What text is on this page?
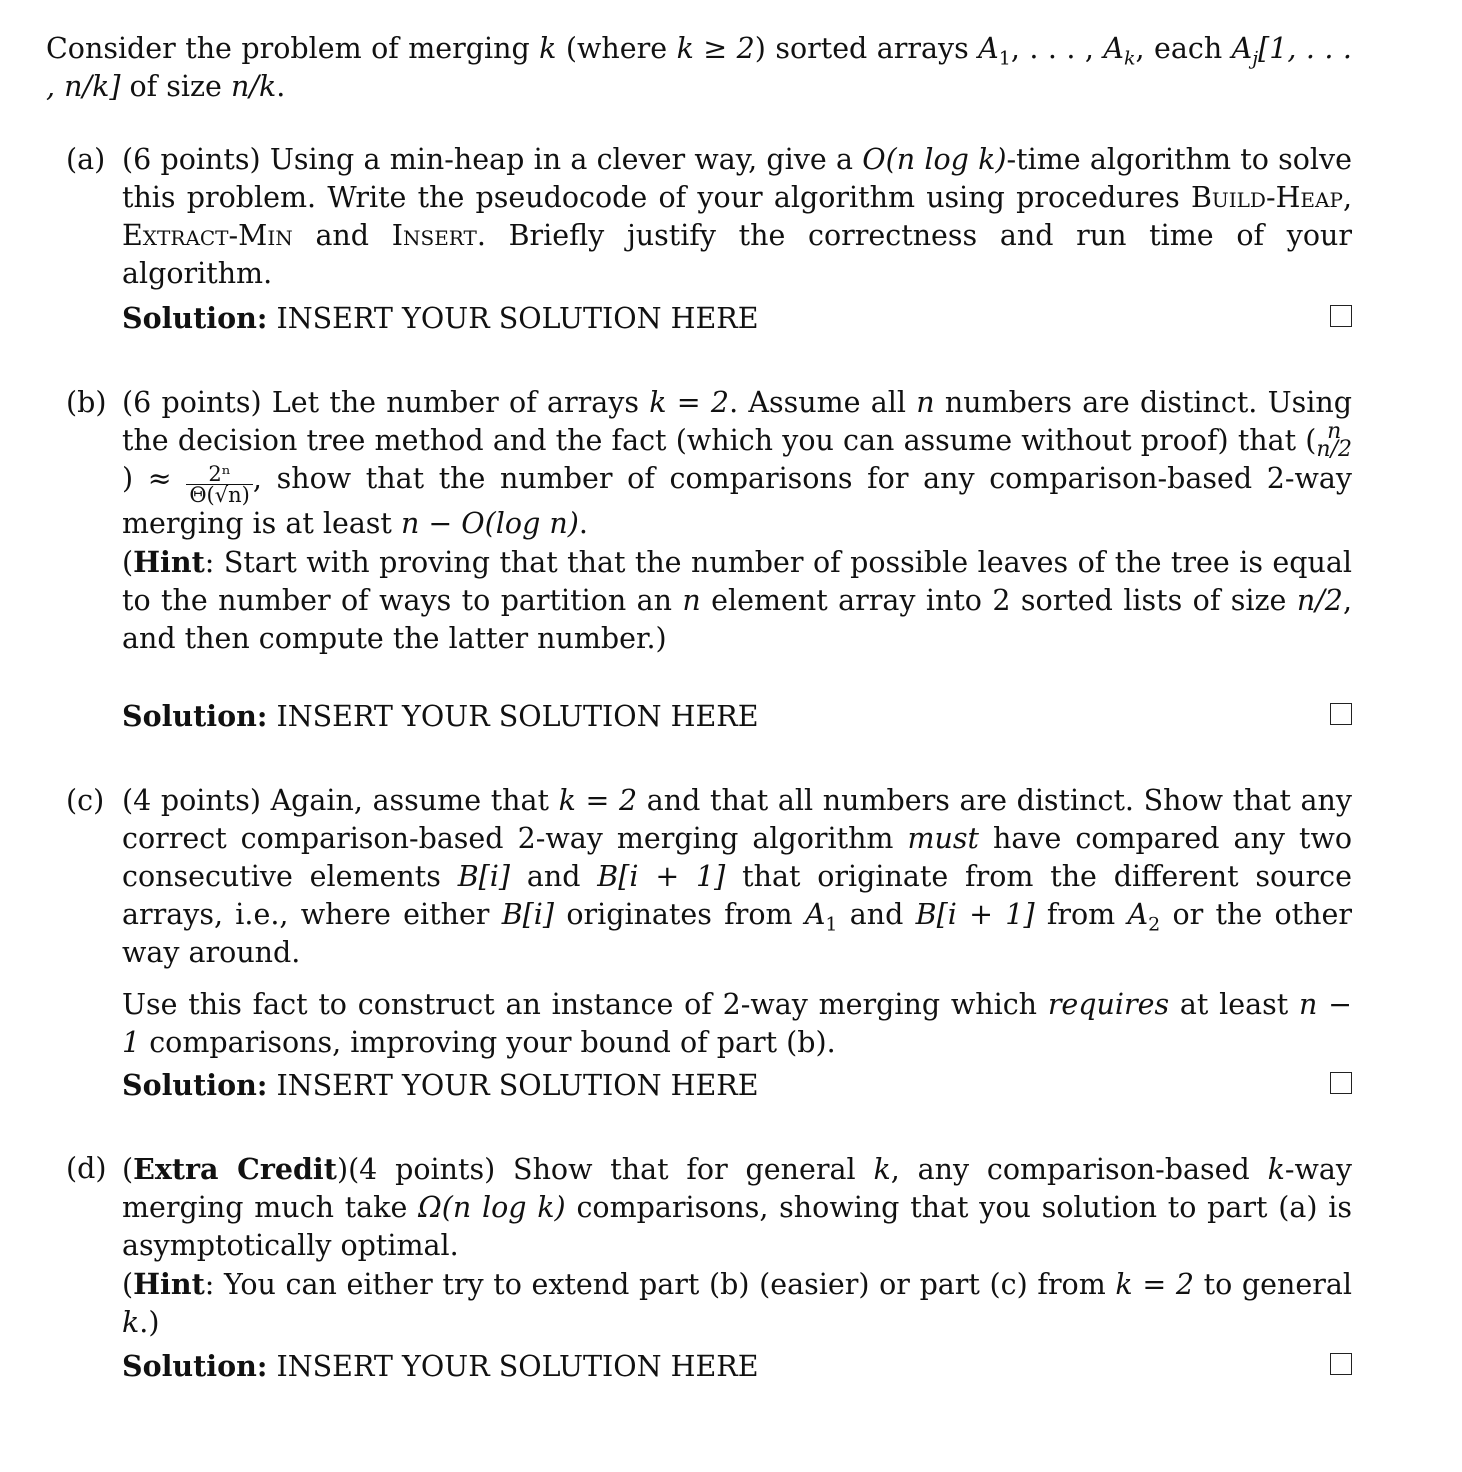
Consider the problem of merging k (where k ≥ 2) sorted arrays $A_1$, . . . , $A_k$, each $A_j[1$, . . . , n/k] of size n/k.
(a) (6 points) Using a min-heap in a clever way, give a O(n log k)-time algorithm to solve this problem. Write the pseudocode of your algorithm using procedures Build-Heap, Extract-Min and Insert. Briefly justify the correctness and run time of your algorithm.

Solution: INSERT YOUR SOLUTION HERE
(b) (6 points) Let the number of arrays k = 2. Assume all n numbers are distinct. Using the decision tree method and the fact (which you can assume without proof) that ( n
$n/2) \approx \frac{\text{2ⁿ}}{\Theta(√n)}$ , show that the number of comparisons for any comparison-based 2-way merging is at least n − O(log n).

(Hint: Start with proving that that the number of possible leaves of the tree is equal to the number of ways to partition an n element array into 2 sorted lists of size n/2, and then compute the latter number.)

Solution: INSERT YOUR SOLUTION HERE
(c) (4 points) Again, assume that k = 2 and that all numbers are distinct. Show that any correct comparison-based 2-way merging algorithm must have compared any two consecutive elements B[i] and B[i + 1] that originate from the different source arrays, i.e., where either B[i] originates from $A_1$ and B[i + 1] from $A_2$ or the other way around.

Use this fact to construct an instance of 2-way merging which requires at least n − 1 comparisons, improving your bound of part (b).

Solution: INSERT YOUR SOLUTION HERE
(d) (Extra Credit)(4 points) Show that for general k, any comparison-based k-way merging much take Ω(n log k) comparisons, showing that you solution to part (a) is asymptotically optimal.

(Hint: You can either try to extend part (b) (easier) or part (c) from k = 2 to general k.)

Solution: INSERT YOUR SOLUTION HERE
